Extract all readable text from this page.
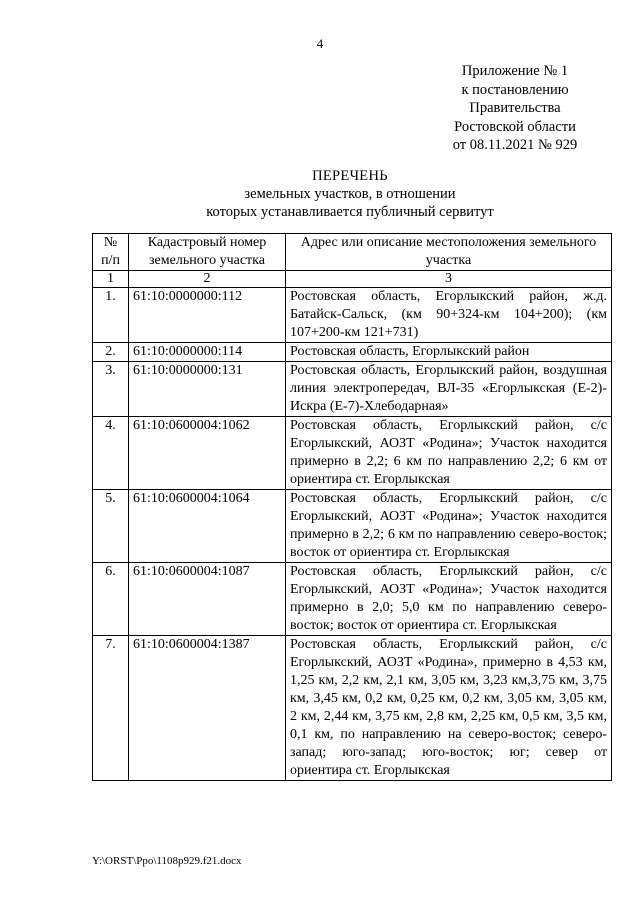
4
Приложение № 1
к постановлению
Правительства
Ростовской области
от 08.11.2021 № 929
ПЕРЕЧЕНЬ
земельных участков, в отношении
которых устанавливается публичный сервитут
№ п/п	Кадастровый номер земельного участка	Адрес или описание местоположения земельного участка
1	2	3
1.	61:10:0000000:112	Ростовская область, Егорлыкский район, ж.д. Батайск-Сальск, (км 90+324-км 104+200); (км 107+200-км 121+731)
2.	61:10:0000000:114	Ростовская область, Егорлыкский район
3.	61:10:0000000:131	Ростовская область, Егорлыкский район, воздушная линия электропередач, ВЛ-35 «Егорлыкская (Е-2)-Искра (Е-7)-Хлебодарная»
4.	61:10:0600004:1062	Ростовская область, Егорлыкский район, с/с Егорлыкский, АОЗТ «Родина»; Участок находится примерно в 2,2; 6 км по направлению 2,2; 6 км от ориентира ст. Егорлыкская
5.	61:10:0600004:1064	Ростовская область, Егорлыкский район, с/с Егорлыкский, АОЗТ «Родина»; Участок находится примерно в 2,2; 6 км по направлению северо-восток; восток от ориентира ст. Егорлыкская
6.	61:10:0600004:1087	Ростовская область, Егорлыкский район, с/с Егорлыкский, АОЗТ «Родина»; Участок находится примерно в 2,0; 5,0 км по направлению северо-восток; восток от ориентира ст. Егорлыкская
7.	61:10:0600004:1387	Ростовская область, Егорлыкский район, с/с Егорлыкский, АОЗТ «Родина», примерно в 4,53 км, 1,25 км, 2,2 км, 2,1 км, 3,05 км, 3,23 км,3,75 км, 3,75 км, 3,45 км, 0,2 км, 0,25 км, 0,2 км, 3,05 км, 3,05 км, 2 км, 2,44 км, 3,75 км, 2,8 км, 2,25 км, 0,5 км, 3,5 км, 0,1 км, по направлению на северо-восток; северо-запад; юго-запад; юго-восток; юг; север от ориентира ст. Егорлыкская
Y:\ORST\Ppo\1108p929.f21.docx
